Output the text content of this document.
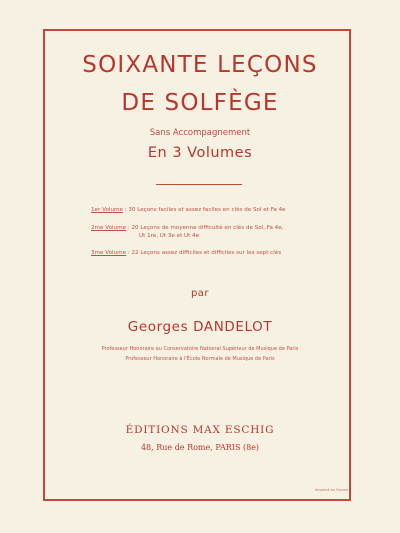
SOIXANTE LEÇONS
DE SOLFÈGE
Sans Accompagnement
En 3 Volumes
1er Volume : 30 Leçons faciles et assez faciles en clés de Sol et Fa 4e
2me Volume : 20 Leçons de moyenne difficulté en clés de Sol, Fa 4e,
Ut 1re, Ut 3e et Ut 4e
3me Volume : 22 Leçons assez difficiles et difficiles sur les sept clés
par
Georges DANDELOT
Professeur Honoraire au Conservatoire National Supérieur de Musique de Paris
Professeur Honoraire à l'École Normale de Musique de Paris
ÉDITIONS MAX ESCHIG
48, Rue de Rome, PARIS (8e)
Imprimé en France
